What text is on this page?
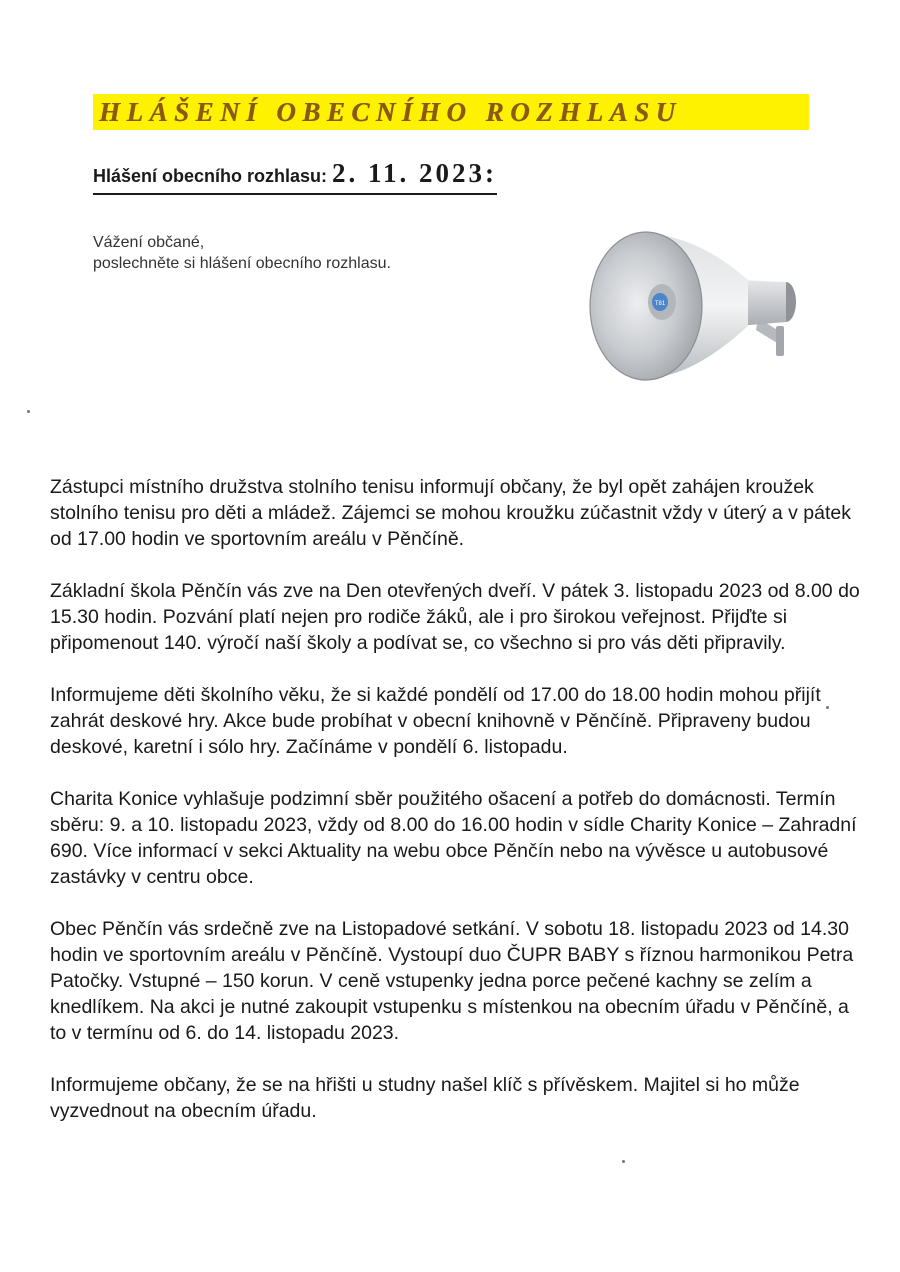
HLÁŠENÍ OBECNÍHO ROZHLASU
Hlášení obecního rozhlasu: 2. 11. 2023:

Vážení občané,

poslechněte si hlášení obecního rozhlasu.

T81

Zástupci místního družstva stolního tenisu informují občany, že byl opět zahájen kroužek stolního tenisu pro děti a mládež. Zájemci se mohou kroužku zúčastnit vždy v úterý a v pátek od 17.00 hodin ve sportovním areálu v Pěnčíně.

Základní škola Pěnčín vás zve na Den otevřených dveří. V pátek 3. listopadu 2023 od 8.00 do 15.30 hodin. Pozvání platí nejen pro rodiče žáků, ale i pro širokou veřejnost. Přijďte si připomenout 140. výročí naší školy a podívat se, co všechno si pro vás děti připravily.

Informujeme děti školního věku, že si každé pondělí od 17.00 do 18.00 hodin mohou přijít zahrát deskové hry. Akce bude probíhat v obecní knihovně v Pěnčíně. Připraveny budou deskové, karetní i sólo hry. Začínáme v pondělí 6. listopadu.

Charita Konice vyhlašuje podzimní sběr použitého ošacení a potřeb do domácnosti. Termín sběru: 9. a 10. listopadu 2023, vždy od 8.00 do 16.00 hodin v sídle Charity Konice – Zahradní 690. Více informací v sekci Aktuality na webu obce Pěnčín nebo na vývěsce u autobusové zastávky v centru obce.

Obec Pěnčín vás srdečně zve na Listopadové setkání. V sobotu 18. listopadu 2023 od 14.30 hodin ve sportovním areálu v Pěnčíně. Vystoupí duo ČUPR BABY s říznou harmonikou Petra Patočky. Vstupné – 150 korun. V ceně vstupenky jedna porce pečené kachny se zelím a knedlíkem. Na akci je nutné zakoupit vstupenku s místenkou na obecním úřadu v Pěnčíně, a to v termínu od 6. do 14. listopadu 2023.

Informujeme občany, že se na hřišti u studny našel klíč s přívěskem. Majitel si ho může vyzvednout na obecním úřadu.
